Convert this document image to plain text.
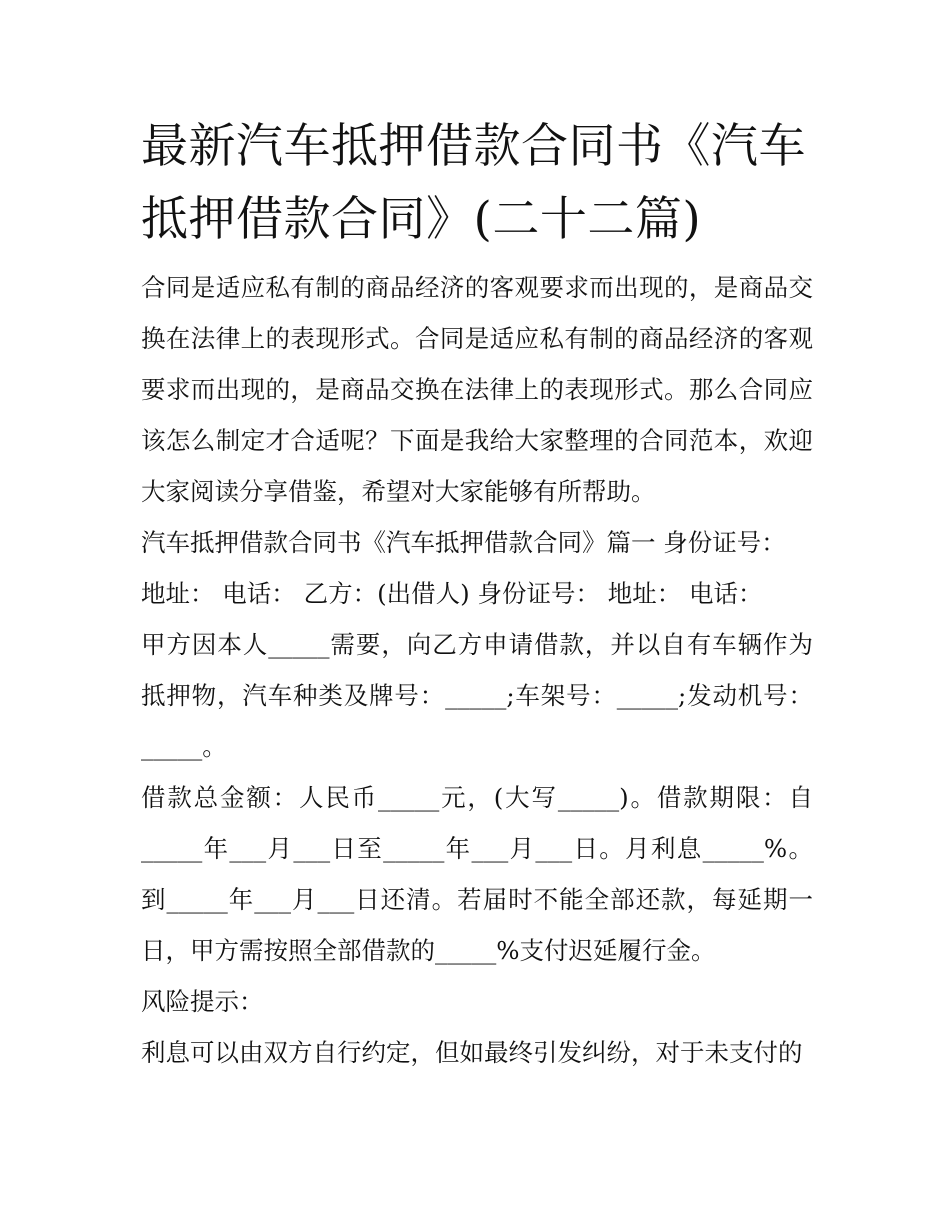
最新汽车抵押借款合同书《汽车抵押借款合同》(二十二篇)

合同是适应私有制的商品经济的客观要求而出现的，是商品交换在法律上的表现形式。合同是适应私有制的商品经济的客观要求而出现的，是商品交换在法律上的表现形式。那么合同应该怎么制定才合适呢？下面是我给大家整理的合同范本，欢迎大家阅读分享借鉴，希望对大家能够有所帮助。

汽车抵押借款合同书《汽车抵押借款合同》篇一 身份证号：

地址： 电话： 乙方：(出借人) 身份证号： 地址： 电话：

甲方因本人_____需要，向乙方申请借款，并以自有车辆作为抵押物，汽车种类及牌号：_____;车架号：_____;发动机号：_____。

借款总金额：人民币_____元，(大写_____)。借款期限：自_____年___月___日至_____年___月___日。月利息_____%。到_____年___月___日还清。若届时不能全部还款，每延期一日，甲方需按照全部借款的_____%支付迟延履行金。

风险提示：

利息可以由双方自行约定，但如最终引发纠纷，对于未支付的
